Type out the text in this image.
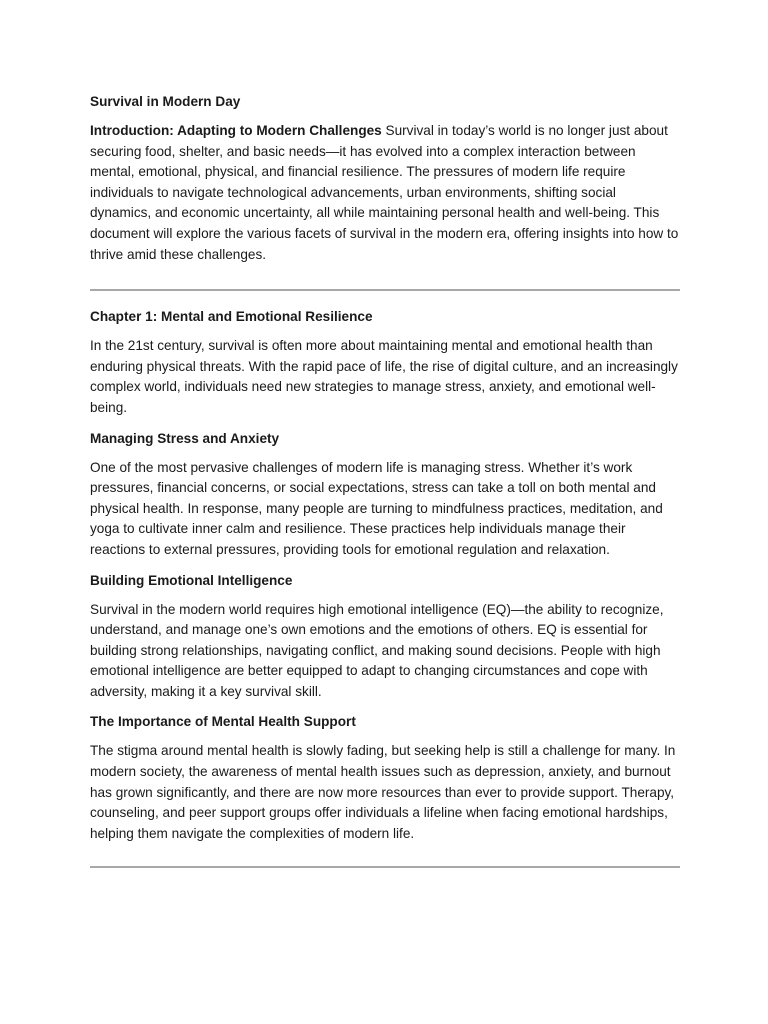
Survival in Modern Day

Introduction: Adapting to Modern Challenges Survival in today’s world is no longer just about securing food, shelter, and basic needs—it has evolved into a complex interaction between mental, emotional, physical, and financial resilience. The pressures of modern life require individuals to navigate technological advancements, urban environments, shifting social dynamics, and economic uncertainty, all while maintaining personal health and well-being. This document will explore the various facets of survival in the modern era, offering insights into how to thrive amid these challenges.

Chapter 1: Mental and Emotional Resilience

In the 21st century, survival is often more about maintaining mental and emotional health than enduring physical threats. With the rapid pace of life, the rise of digital culture, and an increasingly complex world, individuals need new strategies to manage stress, anxiety, and emotional well-being.

Managing Stress and Anxiety

One of the most pervasive challenges of modern life is managing stress. Whether it’s work pressures, financial concerns, or social expectations, stress can take a toll on both mental and physical health. In response, many people are turning to mindfulness practices, meditation, and yoga to cultivate inner calm and resilience. These practices help individuals manage their reactions to external pressures, providing tools for emotional regulation and relaxation.

Building Emotional Intelligence

Survival in the modern world requires high emotional intelligence (EQ)—the ability to recognize, understand, and manage one’s own emotions and the emotions of others. EQ is essential for building strong relationships, navigating conflict, and making sound decisions. People with high emotional intelligence are better equipped to adapt to changing circumstances and cope with adversity, making it a key survival skill.

The Importance of Mental Health Support

The stigma around mental health is slowly fading, but seeking help is still a challenge for many. In modern society, the awareness of mental health issues such as depression, anxiety, and burnout has grown significantly, and there are now more resources than ever to provide support. Therapy, counseling, and peer support groups offer individuals a lifeline when facing emotional hardships, helping them navigate the complexities of modern life.
